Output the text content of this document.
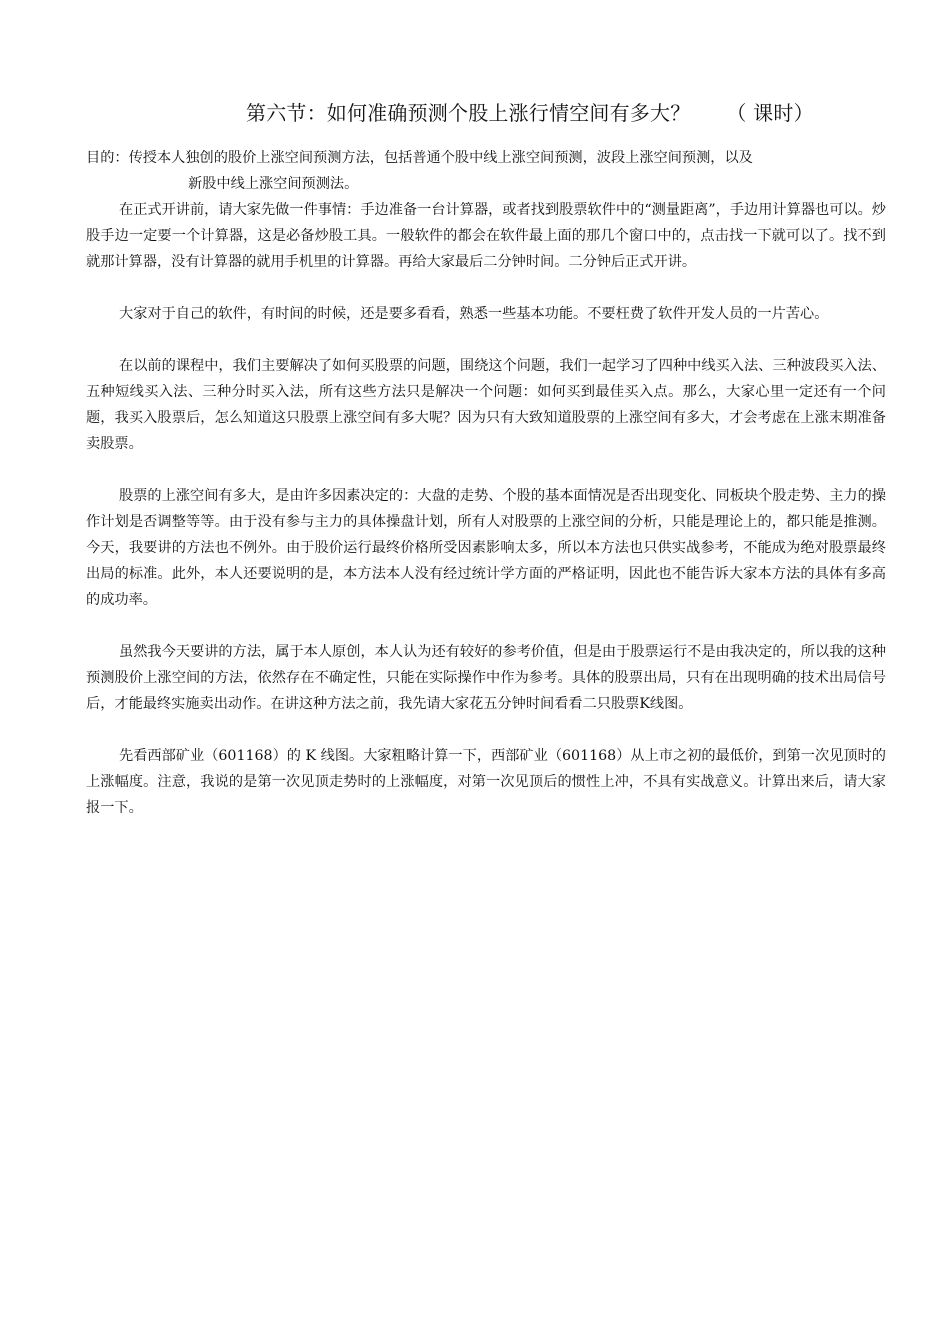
第六节：如何准确预测个股上涨行情空间有多大？ （ 课时）

目的：传授本人独创的股价上涨空间预测方法，包括普通个股中线上涨空间预测，波段上涨空间预测，以及
新股中线上涨空间预测法。

在正式开讲前，请大家先做一件事情：手边准备一台计算器，或者找到股票软件中的“测量距离”，手边用计算器也可以。炒股手边一定要一个计算器，这是必备炒股工具。一般软件的都会在软件最上面的那几个窗口中的，点击找一下就可以了。找不到就那计算器，没有计算器的就用手机里的计算器。再给大家最后二分钟时间。二分钟后正式开讲。

大家对于自己的软件，有时间的时候，还是要多看看，熟悉一些基本功能。不要枉费了软件开发人员的一片苦心。

在以前的课程中，我们主要解决了如何买股票的问题，围绕这个问题，我们一起学习了四种中线买入法、三种波段买入法、五种短线买入法、三种分时买入法，所有这些方法只是解决一个问题：如何买到最佳买入点。那么，大家心里一定还有一个问题，我买入股票后，怎么知道这只股票上涨空间有多大呢？因为只有大致知道股票的上涨空间有多大，才会考虑在上涨末期准备卖股票。

股票的上涨空间有多大，是由许多因素决定的：大盘的走势、个股的基本面情况是否出现变化、同板块个股走势、主力的操作计划是否调整等等。由于没有参与主力的具体操盘计划，所有人对股票的上涨空间的分析，只能是理论上的，都只能是推测。今天，我要讲的方法也不例外。由于股价运行最终价格所受因素影响太多，所以本方法也只供实战参考，不能成为绝对股票最终出局的标准。此外，本人还要说明的是，本方法本人没有经过统计学方面的严格证明，因此也不能告诉大家本方法的具体有多高的成功率。

虽然我今天要讲的方法，属于本人原创，本人认为还有较好的参考价值，但是由于股票运行不是由我决定的，所以我的这种预测股价上涨空间的方法，依然存在不确定性，只能在实际操作中作为参考。具体的股票出局，只有在出现明确的技术出局信号后，才能最终实施卖出动作。在讲这种方法之前，我先请大家花五分钟时间看看二只股票K线图。

先看西部矿业（601168）的 K 线图。大家粗略计算一下，西部矿业（601168）从上市之初的最低价，到第一次见顶时的上涨幅度。注意，我说的是第一次见顶走势时的上涨幅度，对第一次见顶后的惯性上冲，不具有实战意义。计算出来后，请大家报一下。
